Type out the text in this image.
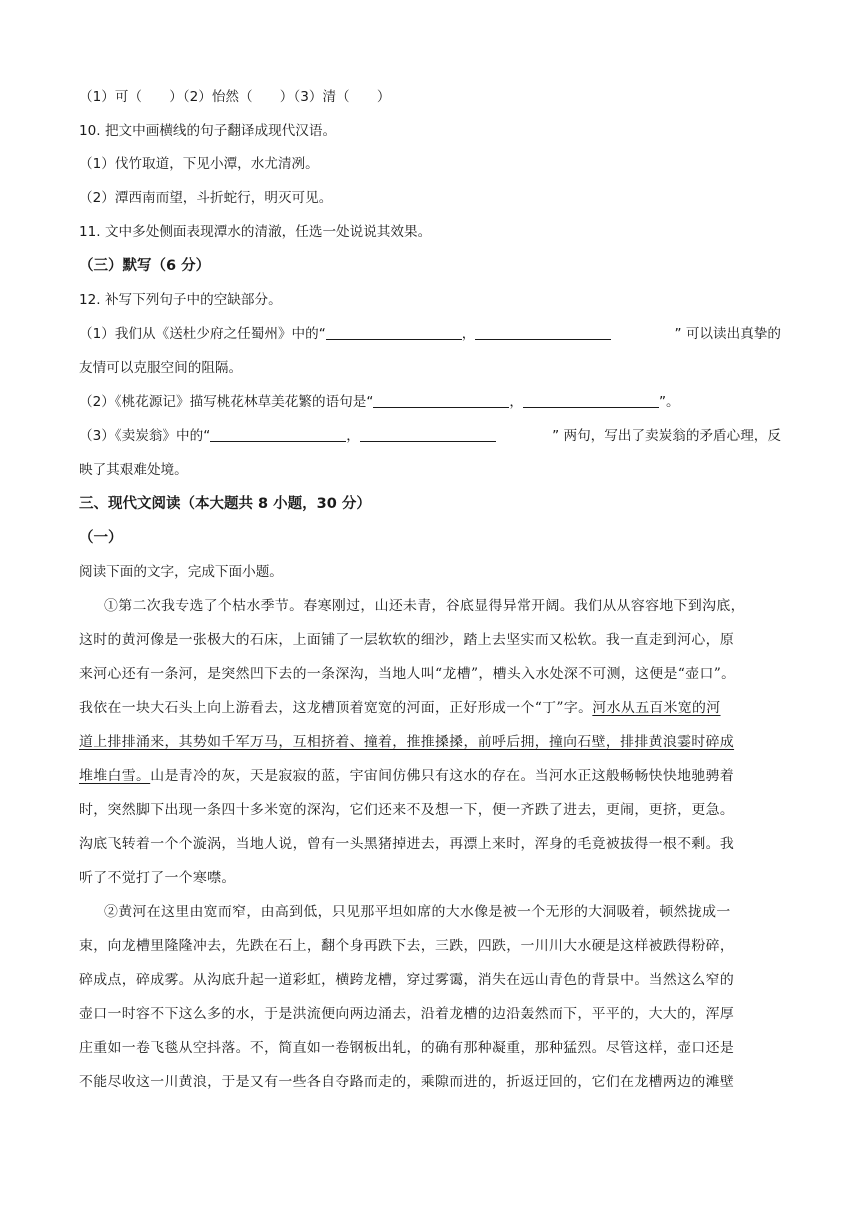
（1）可（　　）（2）怡然（　　）（3）清（　　）
10. 把文中画横线的句子翻译成现代汉语。
（1）伐竹取道，下见小潭，水尤清冽。
（2）潭西南而望，斗折蛇行，明灭可见。
11. 文中多处侧面表现潭水的清澈，任选一处说说其效果。
（三）默写（6 分）
12. 补写下列句子中的空缺部分。
（1）我们从《送杜少府之任蜀州》中的“	，	” 可以读出真挚的
友情可以克服空间的阻隔。
（2）《桃花源记》描写桃花林草美花繁的语句是“	，	”。
（3）《卖炭翁》中的“	，	” 两句，写出了卖炭翁的矛盾心理，反
映了其艰难处境。
三、现代文阅读（本大题共 8 小题，30 分）
（一）
阅读下面的文字，完成下面小题。
①第二次我专选了个枯水季节。春寒刚过，山还未青，谷底显得异常开阔。我们从从容容地下到沟底，
这时的黄河像是一张极大的石床，上面铺了一层软软的细沙，踏上去坚实而又松软。我一直走到河心，原
来河心还有一条河，是突然凹下去的一条深沟，当地人叫“龙槽”，槽头入水处深不可测，这便是“壶口”。
我依在一块大石头上向上游看去，这龙槽顶着宽宽的河面，正好形成一个“丁”字。河水从五百米宽的河
道上排排涌来，其势如千军万马，互相挤着、撞着，推推搡搡，前呼后拥，撞向石壁，排排黄浪霎时碎成
堆堆白雪。山是青冷的灰，天是寂寂的蓝，宇宙间仿佛只有这水的存在。当河水正这般畅畅快快地驰骋着
时，突然脚下出现一条四十多米宽的深沟，它们还来不及想一下，便一齐跌了进去，更闹，更挤，更急。
沟底飞转着一个个漩涡，当地人说，曾有一头黑猪掉进去，再漂上来时，浑身的毛竟被拔得一根不剩。我
听了不觉打了一个寒噤。
②黄河在这里由宽而窄，由高到低，只见那平坦如席的大水像是被一个无形的大洞吸着，顿然拢成一
束，向龙槽里隆隆冲去，先跌在石上，翻个身再跌下去，三跌，四跌，一川川大水硬是这样被跌得粉碎，
碎成点，碎成雾。从沟底升起一道彩虹，横跨龙槽，穿过雾霭，消失在远山青色的背景中。当然这么窄的
壶口一时容不下这么多的水，于是洪流便向两边涌去，沿着龙槽的边沿轰然而下，平平的，大大的，浑厚
庄重如一卷飞毯从空抖落。不，简直如一卷钢板出轧，的确有那种凝重，那种猛烈。尽管这样，壶口还是
不能尽收这一川黄浪，于是又有一些各自夺路而走的，乘隙而进的，折返迂回的，它们在龙槽两边的滩壁
